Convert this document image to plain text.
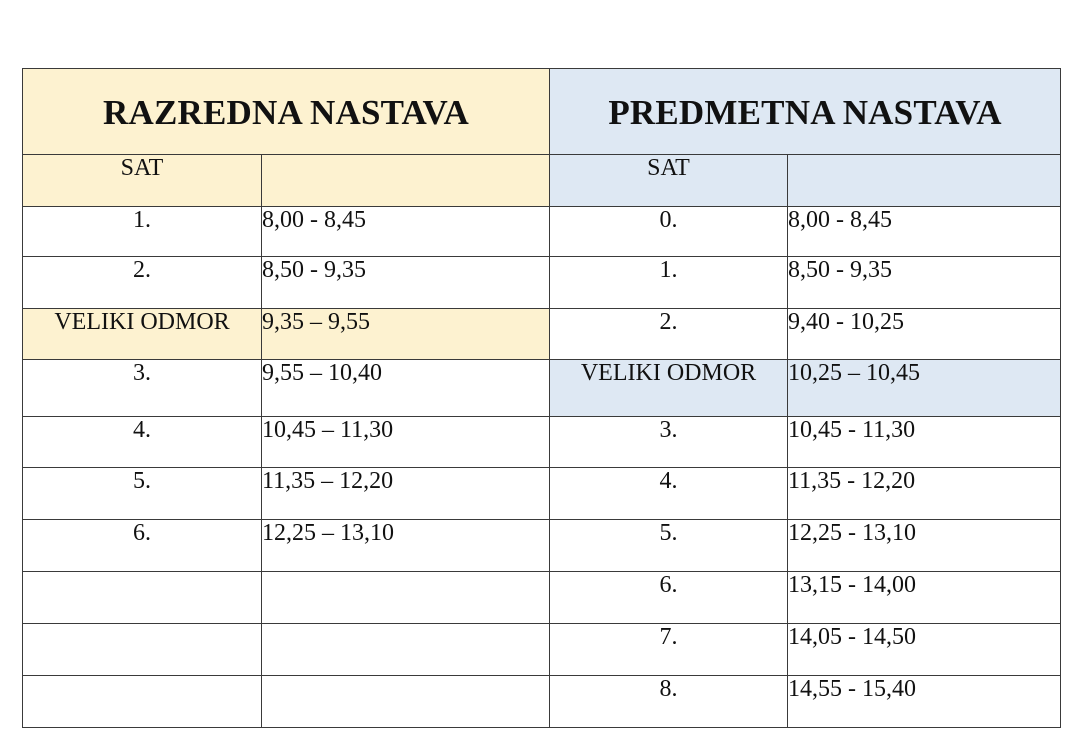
RAZREDNA NASTAVA		PREDMETNA NASTAVA	
SAT		SAT	
1.	8,00 - 8,45	0.	8,00 - 8,45
2.	8,50 - 9,35	1.	8,50 - 9,35
VELIKI ODMOR	9,35 – 9,55	2.	9,40 - 10,25
3.	9,55 – 10,40	VELIKI ODMOR	10,25 – 10,45
4.	10,45 – 11,30	3.	10,45 - 11,30
5.	11,35 – 12,20	4.	11,35 - 12,20
6.	12,25 – 13,10	5.	12,25 - 13,10
		6.	13,15 - 14,00
		7.	14,05 - 14,50
		8.	14,55 - 15,40
